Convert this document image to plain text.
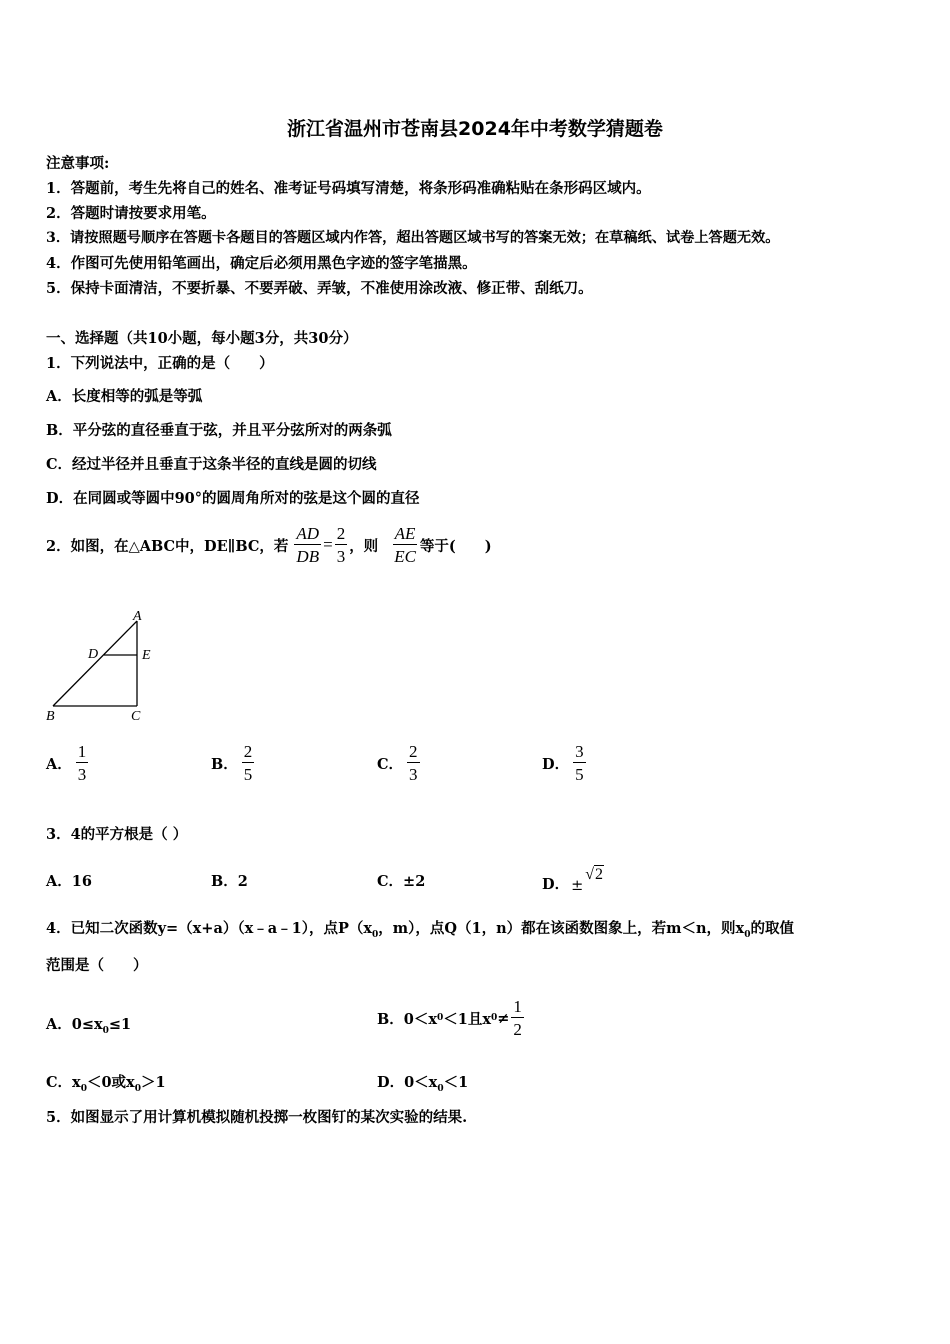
浙江省温州市苍南县2024年中考数学猜题卷
注意事项:
1．答题前，考生先将自己的姓名、准考证号码填写清楚，将条形码准确粘贴在条形码区域内。
2．答题时请按要求用笔。
3．请按照题号顺序在答题卡各题目的答题区域内作答，超出答题区域书写的答案无效；在草稿纸、试卷上答题无效。
4．作图可先使用铅笔画出，确定后必须用黑色字迹的签字笔描黑。
5．保持卡面清洁，不要折暴、不要弄破、弄皱，不准使用涂改液、修正带、刮纸刀。
一、选择题（共10小题，每小题3分，共30分）
1．下列说法中，正确的是（　　）
A．长度相等的弧是等弧
B．平分弦的直径垂直于弦，并且平分弦所对的两条弧
C．经过半径并且垂直于这条半径的直线是圆的切线
D．在同圆或等圆中90°的圆周角所对的弦是这个圆的直径
2．如图，在△ABC中，DE∥BC，若 $\frac{AD}{DB} = \frac{2}{3}$ ，则 $\frac{AE}{EC}$ 等于(　　)
A
D	E
B	C
A． $\frac{1}{3}$	B． $\frac{2}{5}$	C． $\frac{2}{3}$	D． $\frac{3}{5}$
3．4的平方根是（ ）
A．16	B．2	C．±2	D． ±
√2
4．已知二次函数y=（x+a）（x﹣a﹣1），点$P(x_0$，m），点Q（1，n）都在该函数图象上，若m＜n，则$x_0$的取值
范围是（　　）
A．$0\le x_0\le 1$	B．0＜x 0 ＜1且x $0 \ne \frac{1}{2}$
C．$x_0<0$或$x_0>1$	D．$0<x_0<1$
5．如图显示了用计算机模拟随机投掷一枚图钉的某次实验的结果.
